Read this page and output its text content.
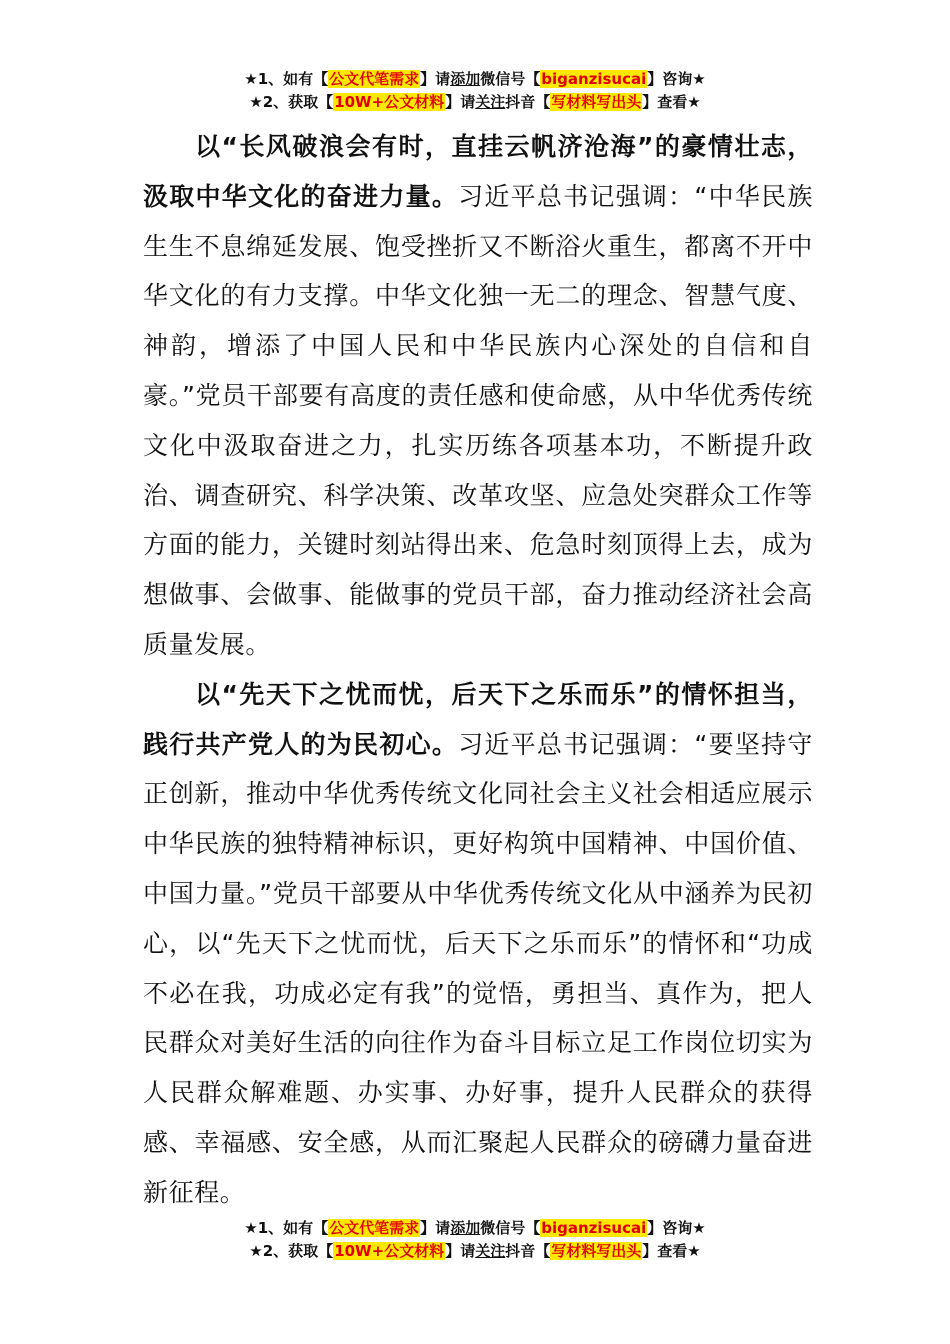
★1、如有【公文代笔需求】请添加微信号【biganzisucai】咨询★
★2、获取【10W+公文材料】请关注抖音【写材料写出头】查看★

以“长风破浪会有时，直挂云帆济沧海”的豪情壮志，汲取中华文化的奋进力量。习近平总书记强调：“中华民族生生不息绵延发展、饱受挫折又不断浴火重生，都离不开中华文化的有力支撑。中华文化独一无二的理念、智慧气度、神韵，增添了中国人民和中华民族内心深处的自信和自豪。”党员干部要有高度的责任感和使命感，从中华优秀传统文化中汲取奋进之力，扎实历练各项基本功，不断提升政治、调查研究、科学决策、改革攻坚、应急处突群众工作等方面的能力，关键时刻站得出来、危急时刻顶得上去，成为想做事、会做事、能做事的党员干部，奋力推动经济社会高质量发展。

以“先天下之忧而忧，后天下之乐而乐”的情怀担当，践行共产党人的为民初心。习近平总书记强调：“要坚持守正创新，推动中华优秀传统文化同社会主义社会相适应展示中华民族的独特精神标识，更好构筑中国精神、中国价值、中国力量。”党员干部要从中华优秀传统文化从中涵养为民初心，以“先天下之忧而忧，后天下之乐而乐”的情怀和“功成不必在我，功成必定有我”的觉悟，勇担当、真作为，把人民群众对美好生活的向往作为奋斗目标立足工作岗位切实为人民群众解难题、办实事、办好事，提升人民群众的获得感、幸福感、安全感，从而汇聚起人民群众的磅礴力量奋进新征程。

★1、如有【公文代笔需求】请添加微信号【biganzisucai】咨询★
★2、获取【10W+公文材料】请关注抖音【写材料写出头】查看★
